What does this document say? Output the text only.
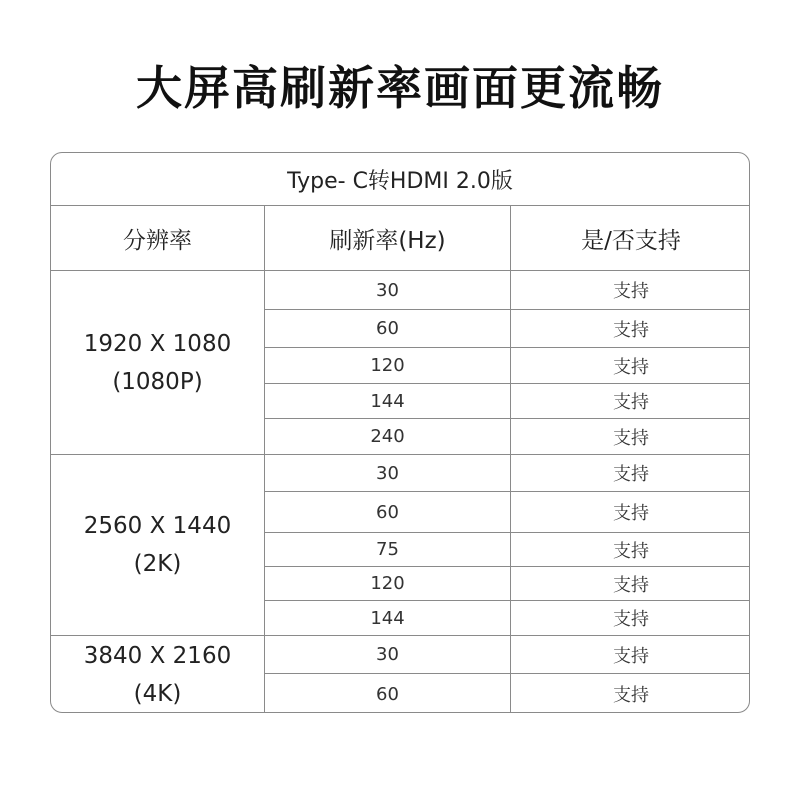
大屏高刷新率画面更流畅
Type- C转HDMI 2.0版
分辨率	刷新率(Hz)	是/否支持
1920 X 1080
(1080P)
30	支持
60	支持
120	支持
144	支持
240	支持
2560 X 1440
(2K)
30	支持
60	支持
75	支持
120	支持
144	支持
3840 X 2160
(4K)
30	支持
60	支持
